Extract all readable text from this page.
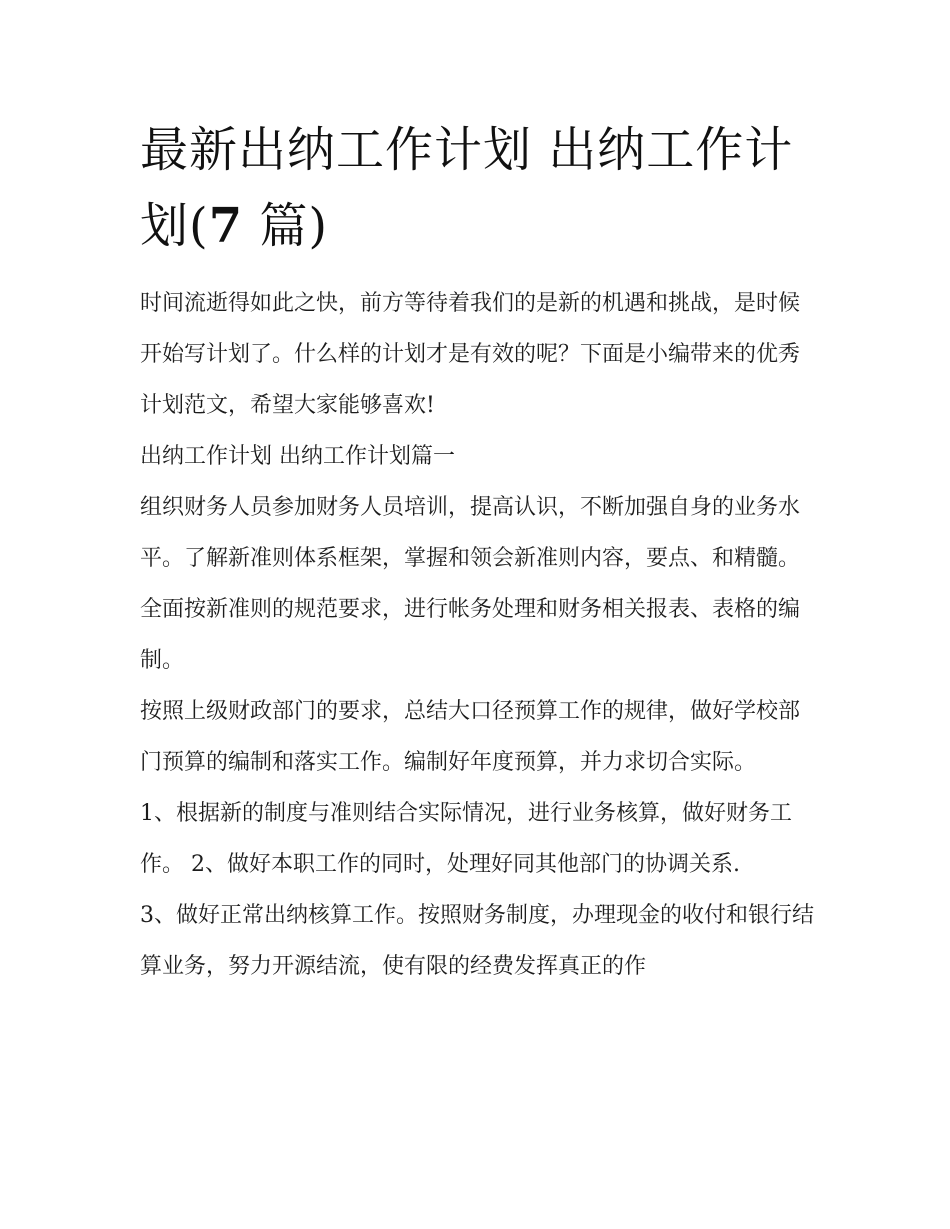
最新出纳工作计划 出纳工作计划(7 篇)

时间流逝得如此之快，前方等待着我们的是新的机遇和挑战，是时候开始写计划了。什么样的计划才是有效的呢？下面是小编带来的优秀计划范文，希望大家能够喜欢!

出纳工作计划 出纳工作计划篇一

组织财务人员参加财务人员培训，提高认识，不断加强自身的业务水平。了解新准则体系框架，掌握和领会新准则内容，要点、和精髓。全面按新准则的规范要求，进行帐务处理和财务相关报表、表格的编制。

按照上级财政部门的要求，总结大口径预算工作的规律，做好学校部门预算的编制和落实工作。编制好年度预算，并力求切合实际。

1、根据新的制度与准则结合实际情况，进行业务核算，做好财务工作。 2、做好本职工作的同时，处理好同其他部门的协调关系.

3、做好正常出纳核算工作。按照财务制度，办理现金的收付和银行结算业务，努力开源结流，使有限的经费发挥真正的作
